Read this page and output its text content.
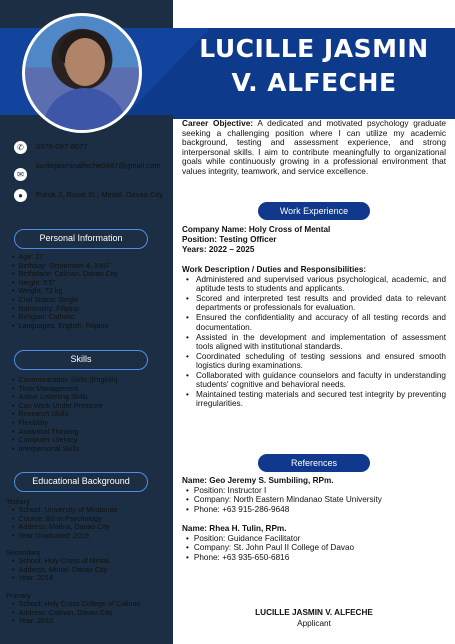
LUCILLE JASMIN
V. ALFECHE
✆	0976-097-8077
✉
lucillejasminalfeche0497@gmail.com
●	Purok 2, Rosal St., Mintal, Davao City
Personal Information
• Age: 27
• Birthday: September 4, 1997
• Birthplace: Calinan, Davao City
• Height: 5'5"
• Weight: 72 kg
• Civil Status: Single
• Nationality: Filipino
• Religion: Catholic
• Languages: English, Filipino
Skills
• Communication Skills (English)
• Time Management
• Active Listening Skills
• Can Work Under Pressure
• Research Skills
• Flexibility
• Analytical Thinking
• Computer Literacy
• Interpersonal Skills
Educational Background
Tertiary
• School: University of Mindanao
• Course: BS in Psychology
• Address: Matina, Davao City
• Year Graduated: 2019
Secondary
• School: Holy Cross of Mintal
• Address: Mintal, Davao City
• Year: 2014
Primary
• School: Holy Cross College of Calinan
• Address: Calinan, Davao City
• Year: 2010
Career Objective: A dedicated and motivated psychology graduate seeking a challenging position where I can utilize my academic background, testing and assessment experience, and strong interpersonal skills. I aim to contribute meaningfully to organizational goals while continuously growing in a professional environment that values integrity, teamwork, and service excellence.
Work Experience
Company Name: Holy Cross of Mental
Position: Testing Officer
Years: 2022 – 2025
Work Description / Duties and Responsibilities:
• Administered and supervised various psychological, academic, and aptitude tests to students and applicants.
• Scored and interpreted test results and provided data to relevant departments or professionals for evaluation.
• Ensured the confidentiality and accuracy of all testing records and documentation.
• Assisted in the development and implementation of assessment tools aligned with institutional standards.
• Coordinated scheduling of testing sessions and ensured smooth logistics during examinations.
• Collaborated with guidance counselors and faculty in understanding students' cognitive and behavioral needs.
• Maintained testing materials and secured test integrity by preventing irregularities.
References
Name: Geo Jeremy S. Sumbiling, RPm.
• Position: Instructor I
• Company: North Eastern Mindanao State University
• Phone: +63 915-286-9648
Name: Rhea H. Tulin, RPm.
• Position: Guidance Facilitator
• Company: St. John Paul II College of Davao
• Phone: +63 935-650-6816
LUCILLE JASMIN V. ALFECHE
Applicant
